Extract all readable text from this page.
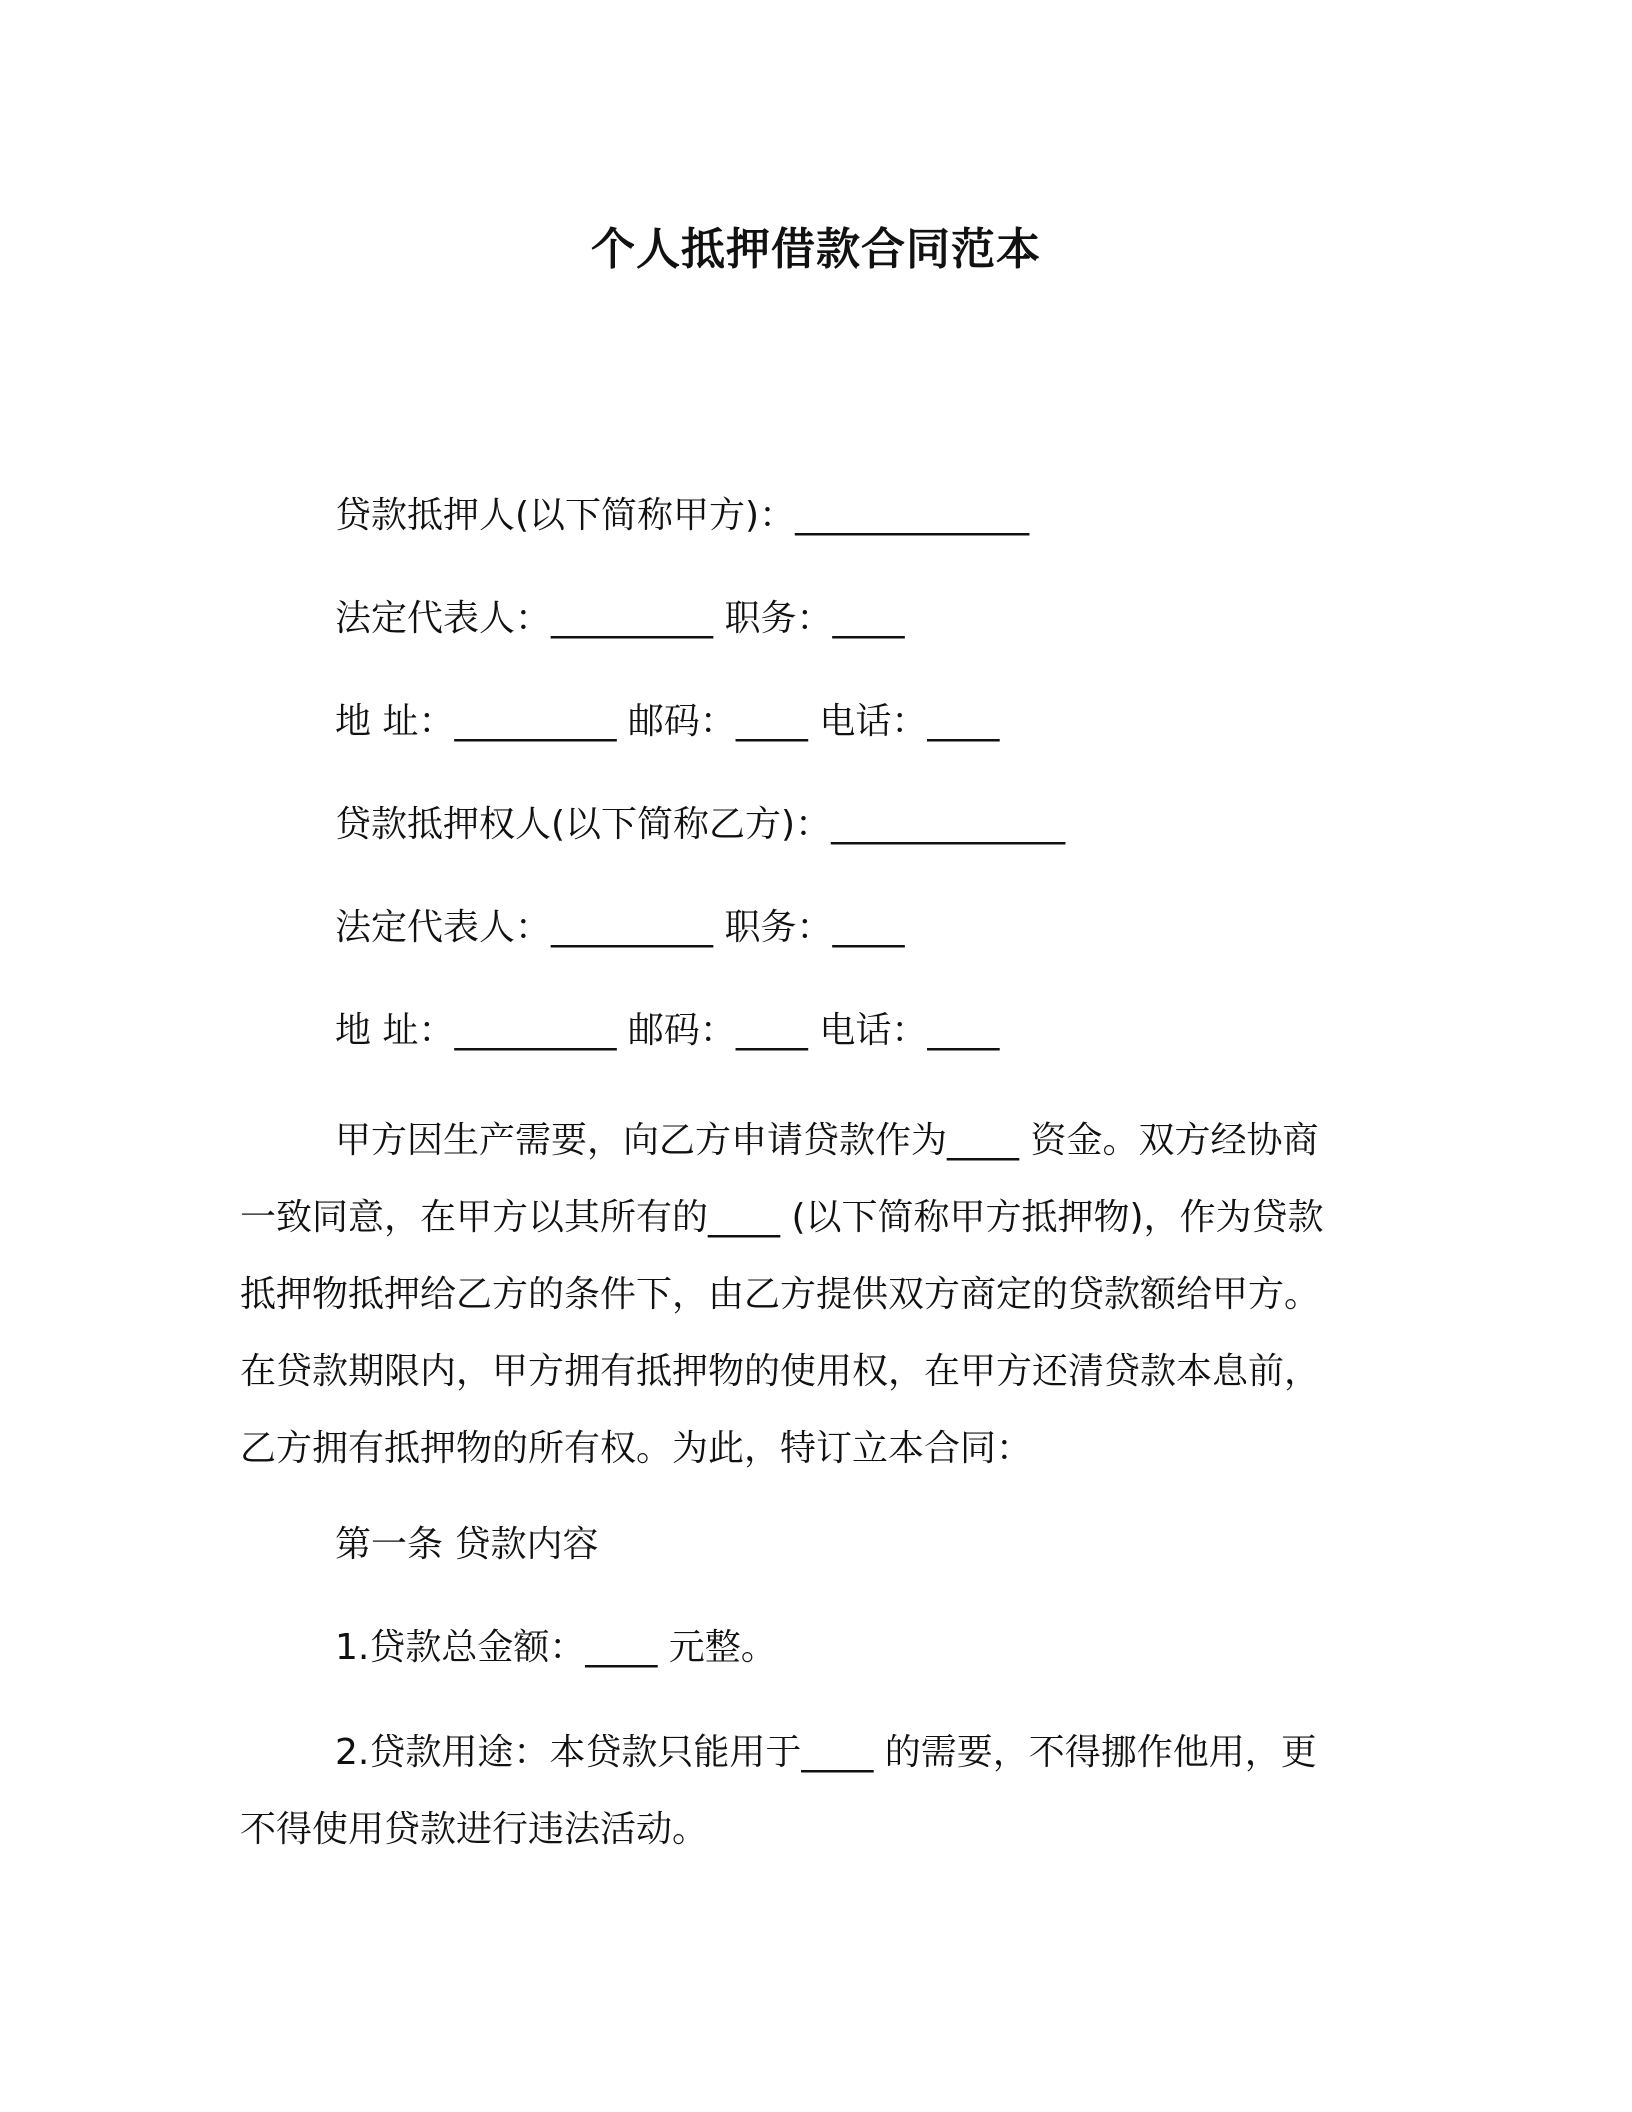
个人抵押借款合同范本

贷款抵押人(以下简称甲方)：_____________

法定代表人：_________ 职务：____

地 址：_________ 邮码：____ 电话：____

贷款抵押权人(以下简称乙方)：_____________

法定代表人：_________ 职务：____

地 址：_________ 邮码：____ 电话：____

甲方因生产需要，向乙方申请贷款作为____ 资金。双方经协商
一致同意，在甲方以其所有的____ (以下简称甲方抵押物)，作为贷款
抵押物抵押给乙方的条件下，由乙方提供双方商定的贷款额给甲方。
在贷款期限内，甲方拥有抵押物的使用权，在甲方还清贷款本息前，
乙方拥有抵押物的所有权。为此，特订立本合同：

第一条 贷款内容

1.贷款总金额：____ 元整。

2.贷款用途：本贷款只能用于____ 的需要，不得挪作他用，更
不得使用贷款进行违法活动。
